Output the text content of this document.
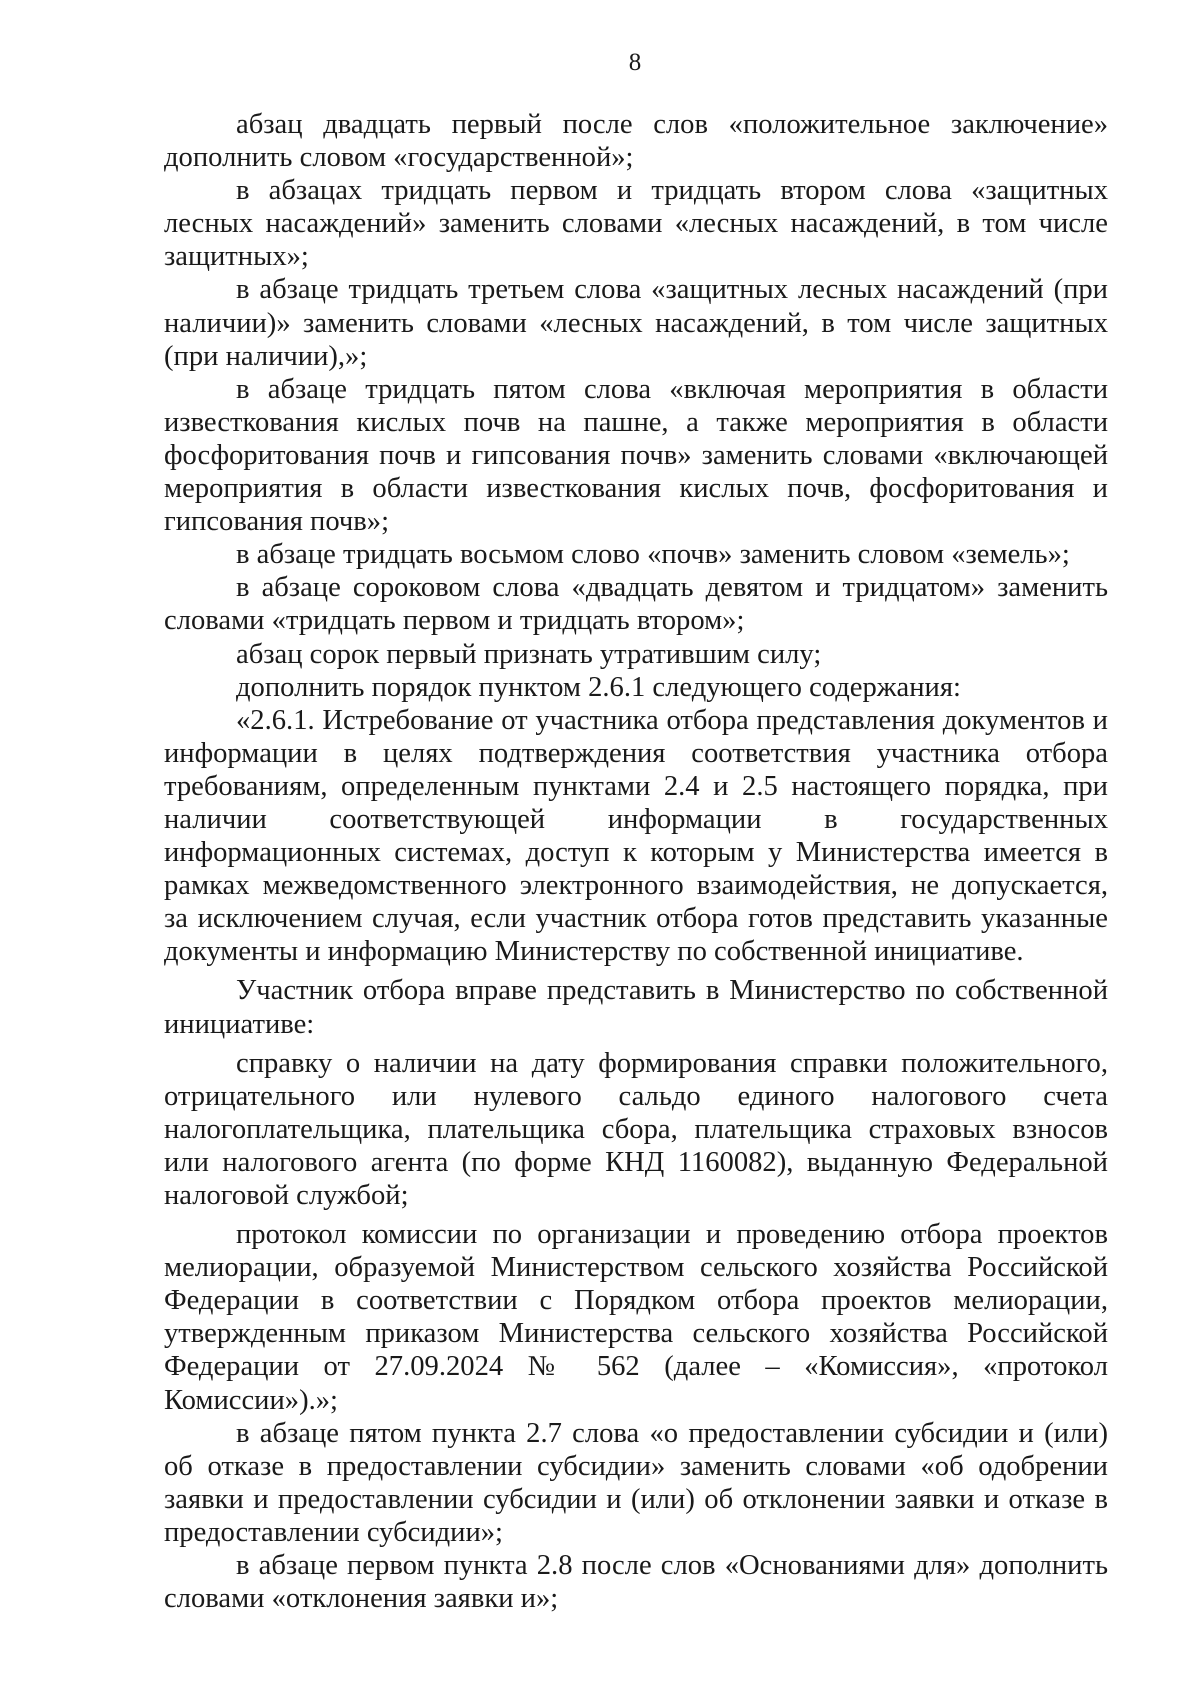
8

абзац двадцать первый после слов «положительное заключение» дополнить словом «государственной»;

в абзацах тридцать первом и тридцать втором слова «защитных лесных насаждений» заменить словами «лесных насаждений, в том числе защитных»;

в абзаце тридцать третьем слова «защитных лесных насаждений (при наличии)» заменить словами «лесных насаждений, в том числе защитных (при наличии),»;

в абзаце тридцать пятом слова «включая мероприятия в области известкования кислых почв на пашне, а также мероприятия в области фосфоритования почв и гипсования почв» заменить словами «включающей мероприятия в области известкования кислых почв, фосфоритования и гипсования почв»;

в абзаце тридцать восьмом слово «почв» заменить словом «земель»;

в абзаце сороковом слова «двадцать девятом и тридцатом» заменить словами «тридцать первом и тридцать втором»;

абзац сорок первый признать утратившим силу;

дополнить порядок пунктом 2.6.1 следующего содержания:

«2.6.1. Истребование от участника отбора представления документов и информации в целях подтверждения соответствия участника отбора требованиям, определенным пунктами 2.4 и 2.5 настоящего порядка, при наличии соответствующей информации в государственных информационных системах, доступ к которым у Министерства имеется в рамках межведомственного электронного взаимодействия, не допускается, за исключением случая, если участник отбора готов представить указанные документы и информацию Министерству по собственной инициативе.

Участник отбора вправе представить в Министерство по собственной инициативе:

справку о наличии на дату формирования справки положительного, отрицательного или нулевого сальдо единого налогового счета налогоплательщика, плательщика сбора, плательщика страховых взносов или налогового агента (по форме КНД 1160082), выданную Федеральной налоговой службой;

протокол комиссии по организации и проведению отбора проектов мелиорации, образуемой Министерством сельского хозяйства Российской Федерации в соответствии с Порядком отбора проектов мелиорации, утвержденным приказом Министерства сельского хозяйства Российской Федерации от 27.09.2024 № 562 (далее – «Комиссия», «протокол Комиссии»).»;

в абзаце пятом пункта 2.7 слова «о предоставлении субсидии и (или) об отказе в предоставлении субсидии» заменить словами «об одобрении заявки и предоставлении субсидии и (или) об отклонении заявки и отказе в предоставлении субсидии»;

в абзаце первом пункта 2.8 после слов «Основаниями для» дополнить словами «отклонения заявки и»;
